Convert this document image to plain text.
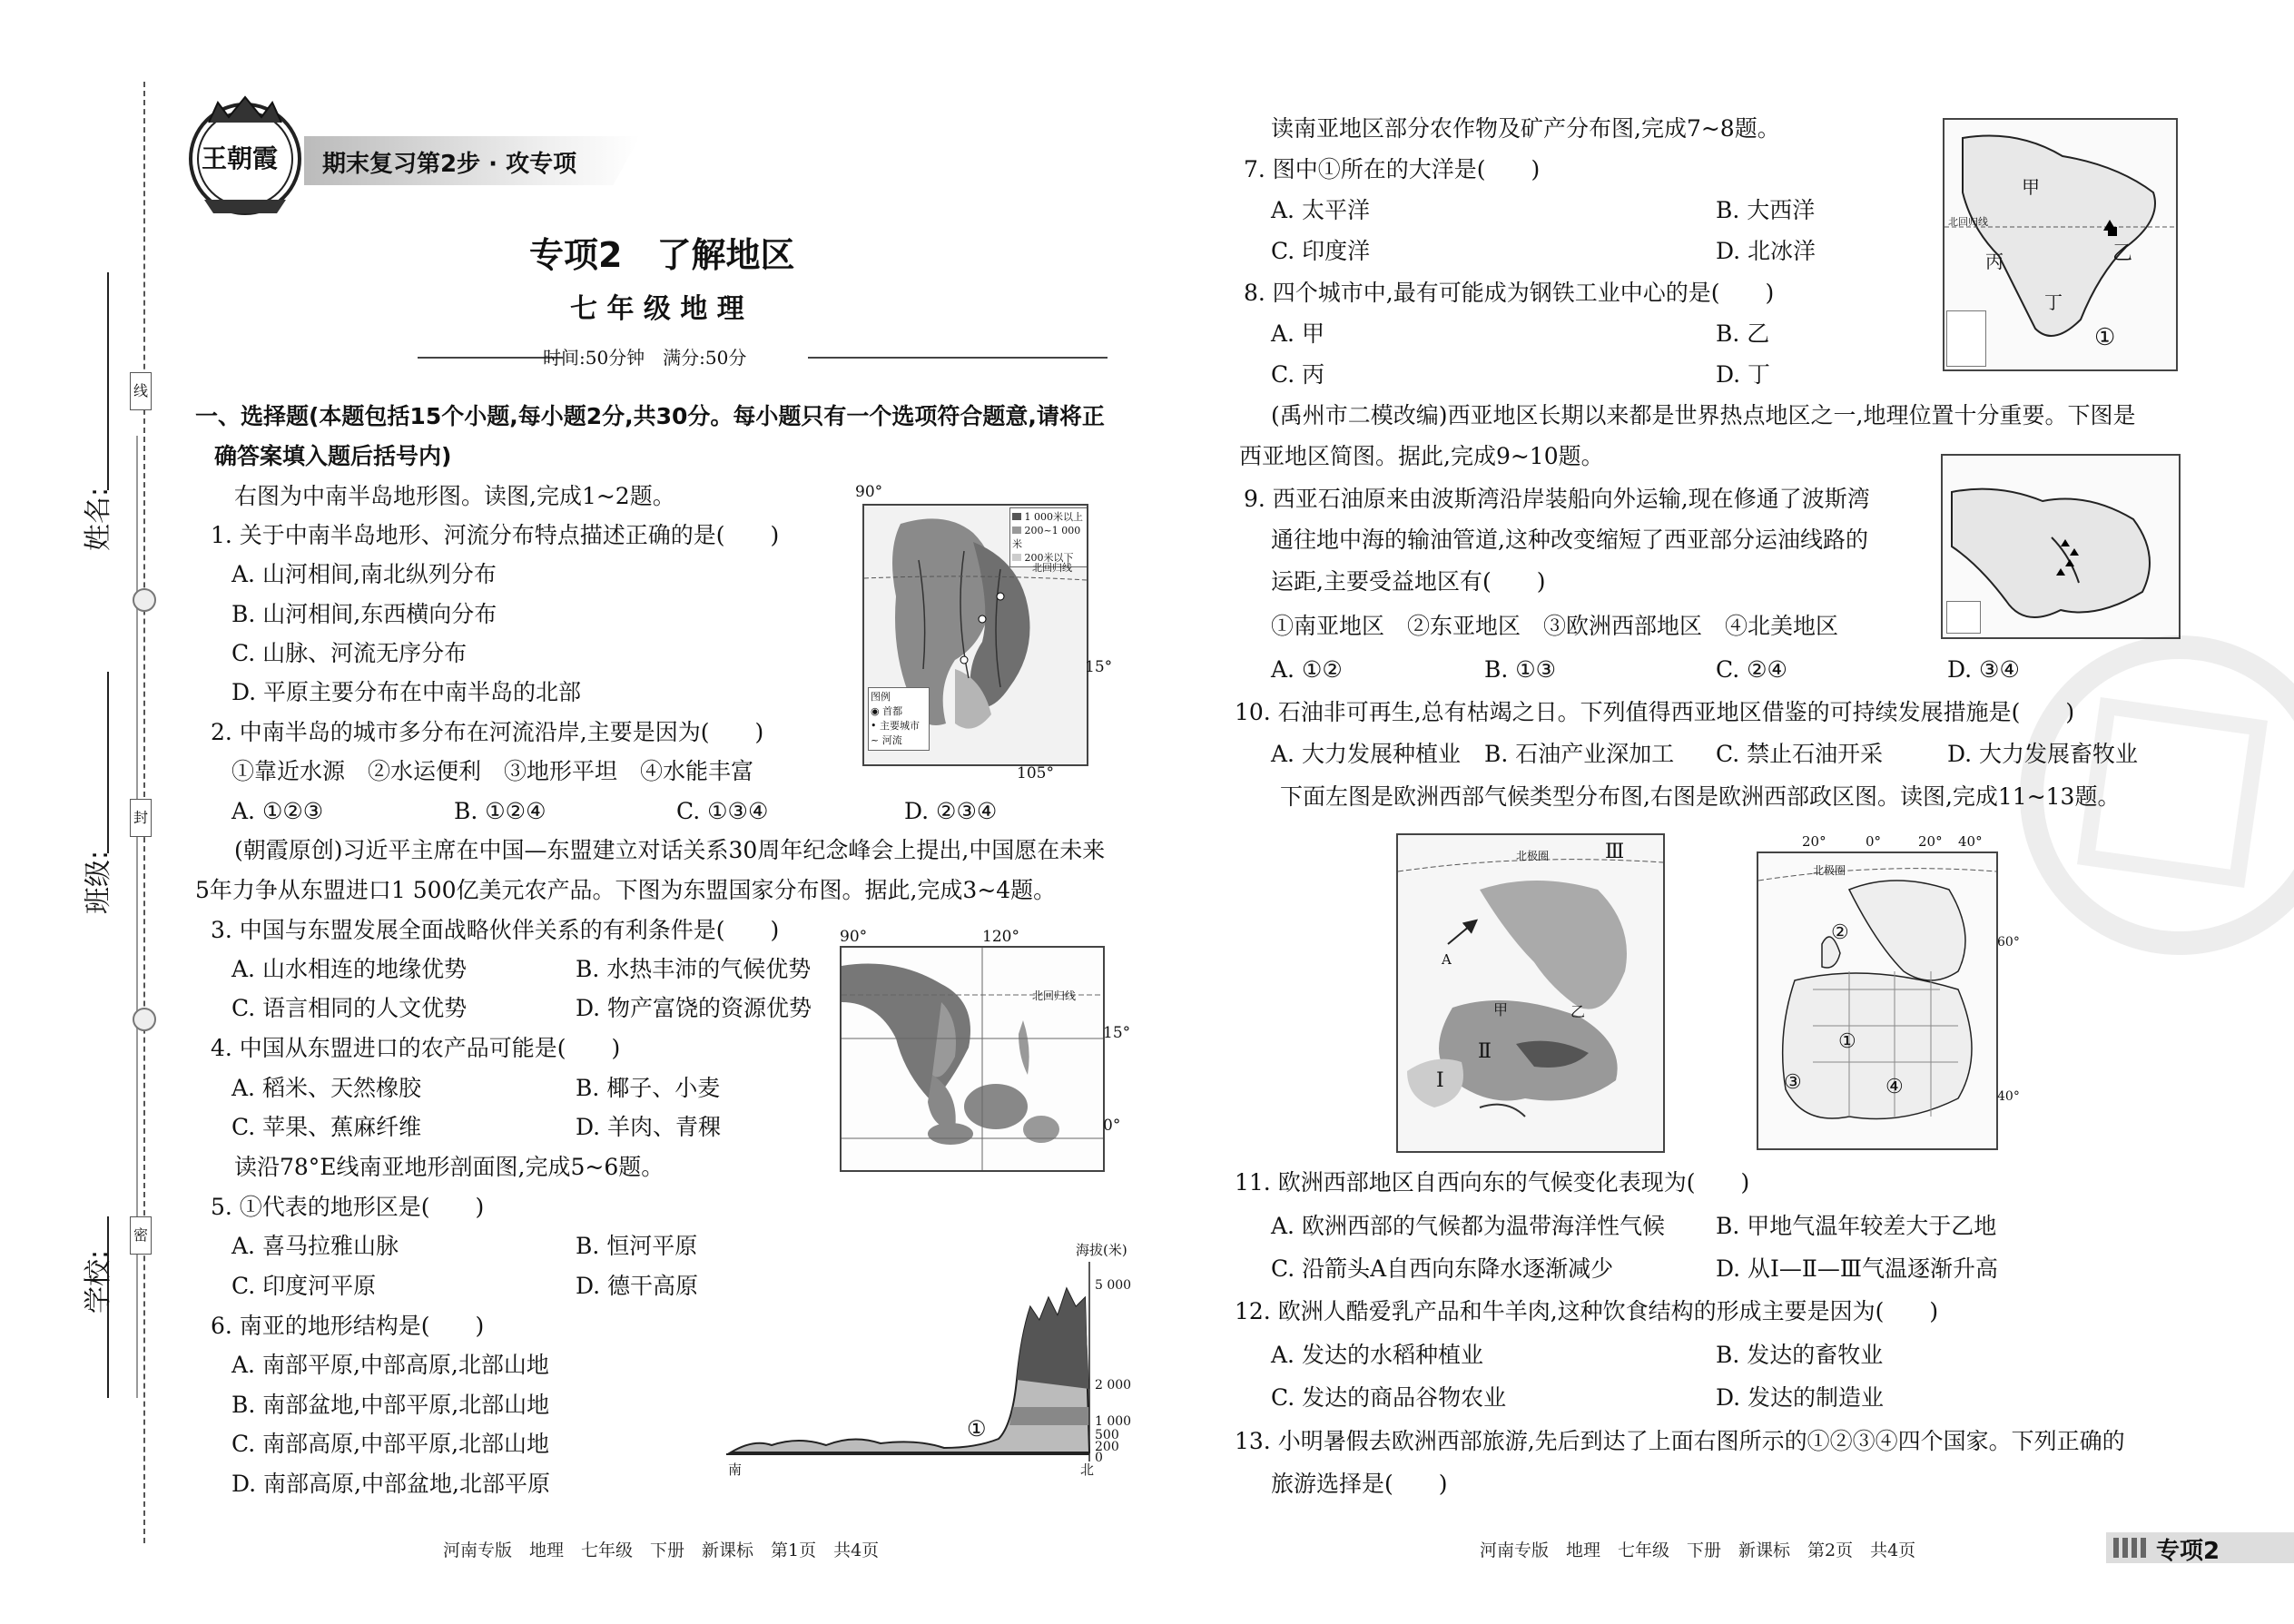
姓名:
班级:
学校:
线
封
密
王朝霞 期末复习第2步 · 攻专项
专项2　了解地区
七 年 级 地 理
时间:50分钟　满分:50分
一、选择题(本题包括15个小题,每小题2分,共30分。每小题只有一个选项符合题意,请将正
确答案填入题后括号内)
右图为中南半岛地形图。读图,完成1~2题。
1. 关于中南半岛地形、河流分布特点描述正确的是(　　)
A. 山河相间,南北纵列分布
B. 山河相间,东西横向分布
C. 山脉、河流无序分布
D. 平原主要分布在中南半岛的北部
2. 中南半岛的城市多分布在河流沿岸,主要是因为(　　)
①靠近水源　②水运便利　③地形平坦　④水能丰富
A. ①②③	B. ①②④	C. ①③④	D. ②③④
(朝霞原创)习近平主席在中国—东盟建立对话关系30周年纪念峰会上提出,中国愿在未来
5年力争从东盟进口1 500亿美元农产品。下图为东盟国家分布图。据此,完成3~4题。
3. 中国与东盟发展全面战略伙伴关系的有利条件是(　　)
A. 山水相连的地缘优势	B. 水热丰沛的气候优势
C. 语言相同的人文优势	D. 物产富饶的资源优势
4. 中国从东盟进口的农产品可能是(　　)
A. 稻米、天然橡胶	B. 椰子、小麦
C. 苹果、蕉麻纤维	D. 羊肉、青稞
读沿78°E线南亚地形剖面图,完成5~6题。
5. ①代表的地形区是(　　)
A. 喜马拉雅山脉	B. 恒河平原
C. 印度河平原	D. 德干高原
6. 南亚的地形结构是(　　)
A. 南部平原,中部高原,北部山地
B. 南部盆地,中部平原,北部山地
C. 南部高原,中部平原,北部山地
D. 南部高原,中部盆地,北部平原
河南专版　地理　七年级　下册　新课标　第1页　共4页
90°
1 000米以上
200~1 000米
200米以下
北回归线
图例
◉ 首都
• 主要城市
~ 河流
15°
105°
90°	120°
北回归线
15°
0°
海拔(米)
5 000
2 000
1 000
500
200
0
南	北
①
读南亚地区部分农作物及矿产分布图,完成7~8题。
7. 图中①所在的大洋是(　　)
A. 太平洋	B. 大西洋
C. 印度洋	D. 北冰洋
8. 四个城市中,最有可能成为钢铁工业中心的是(　　)
A. 甲	B. 乙
C. 丙	D. 丁
(禹州市二模改编)西亚地区长期以来都是世界热点地区之一,地理位置十分重要。下图是
西亚地区简图。据此,完成9~10题。
9. 西亚石油原来由波斯湾沿岸装船向外运输,现在修通了波斯湾
通往地中海的输油管道,这种改变缩短了西亚部分运油线路的
运距,主要受益地区有(　　)
①南亚地区　②东亚地区　③欧洲西部地区　④北美地区
A. ①②	B. ①③	C. ②④	D. ③④
10. 石油非可再生,总有枯竭之日。下列值得西亚地区借鉴的可持续发展措施是(　　)
A. 大力发展种植业 B. 石油产业深加工 C. 禁止石油开采	D. 大力发展畜牧业
下面左图是欧洲西部气候类型分布图,右图是欧洲西部政区图。读图,完成11~13题。
11. 欧洲西部地区自西向东的气候变化表现为(　　)
A. 欧洲西部的气候都为温带海洋性气候 B. 甲地气温年较差大于乙地
C. 沿箭头A自西向东降水逐渐减少	D. 从Ⅰ—Ⅱ—Ⅲ气温逐渐升高
12. 欧洲人酷爱乳产品和牛羊肉,这种饮食结构的形成主要是因为(　　)
A. 发达的水稻种植业	B. 发达的畜牧业
C. 发达的商品谷物农业	D. 发达的制造业
13. 小明暑假去欧洲西部旅游,先后到达了上面右图所示的①②③④四个国家。下列正确的
旅游选择是(　　)
河南专版　地理　七年级　下册　新课标　第2页　共4页	专项2
甲
乙
丙
丁
①
北回归线
北极圈
A
甲	乙
Ⅰ
Ⅱ
Ⅲ	20°	0°	20° 40°
北极圈
①
②
③	④
60°
40°
